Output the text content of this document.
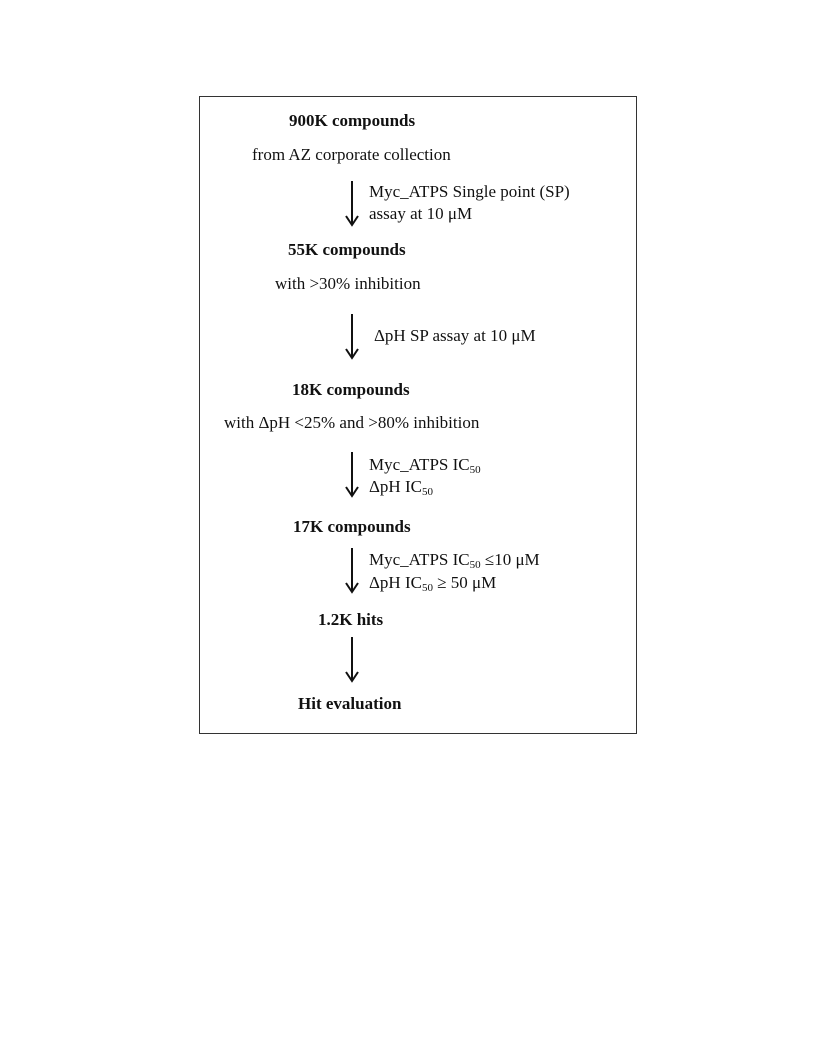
900K compounds
from AZ corporate collection
Myc_ATPS Single point (SP)
assay at 10 μM
55K compounds
with >30% inhibition
ΔpH SP assay at 10 μM
18K compounds
with ΔpH <25% and >80% inhibition
Myc_ATPS $IC_{50}$
ΔpH $IC_{50}$
17K compounds
Myc_ATPS $IC_{50} \le 10$ μM
ΔpH $IC_{50} \ge 50$ μM
1.2K hits
Hit evaluation
